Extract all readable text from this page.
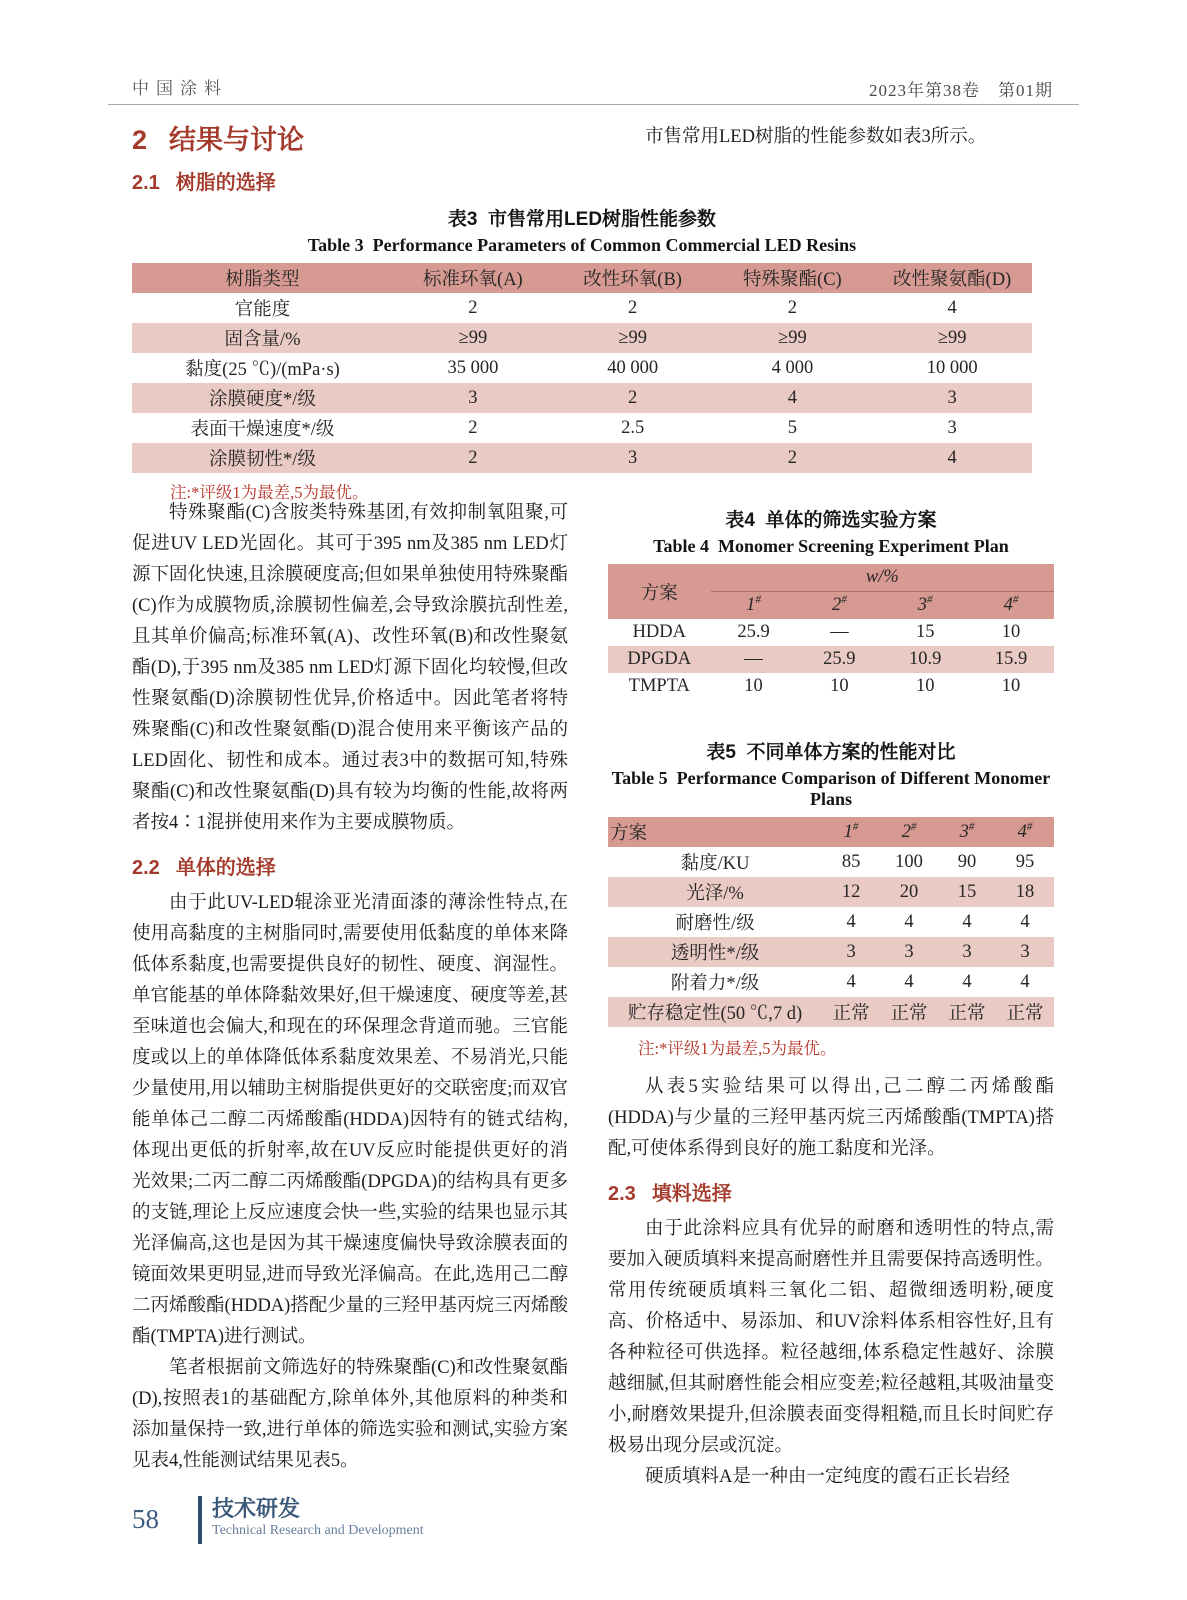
中国涂料	2023年第38卷　第01期
2 结果与讨论
2.1 树脂的选择

市售常用LED树脂的性能参数如表3所示。

表3  市售常用LED树脂性能参数
Table 3  Performance Parameters of Common Commercial LED Resins
树脂类型	标准环氧(A)	改性环氧(B)	特殊聚酯(C)	改性聚氨酯(D)
官能度	2	2	2	4
固含量/%	≥99	≥99	≥99	≥99
黏度(25 ℃)/(mPa·s)	35 000	40 000	4 000	10 000
涂膜硬度*/级	3	2	4	3
表面干燥速度*/级	2	2.5	5	3
涂膜韧性*/级	2	3	2	4
注:*评级1为最差,5为最优。

特殊聚酯(C)含胺类特殊基团,有效抑制氧阻聚,可促进UV LED光固化。其可于395 nm及385 nm LED灯源下固化快速,且涂膜硬度高;但如果单独使用特殊聚酯(C)作为成膜物质,涂膜韧性偏差,会导致涂膜抗刮性差,且其单价偏高;标准环氧(A)、改性环氧(B)和改性聚氨酯(D),于395 nm及385 nm LED灯源下固化均较慢,但改性聚氨酯(D)涂膜韧性优异,价格适中。因此笔者将特殊聚酯(C)和改性聚氨酯(D)混合使用来平衡该产品的LED固化、韧性和成本。通过表3中的数据可知,特殊聚酯(C)和改性聚氨酯(D)具有较为均衡的性能,故将两者按4∶1混拼使用来作为主要成膜物质。

2.2 单体的选择

由于此UV-LED辊涂亚光清面漆的薄涂性特点,在使用高黏度的主树脂同时,需要使用低黏度的单体来降低体系黏度,也需要提供良好的韧性、硬度、润湿性。单官能基的单体降黏效果好,但干燥速度、硬度等差,甚至味道也会偏大,和现在的环保理念背道而驰。三官能度或以上的单体降低体系黏度效果差、不易消光,只能少量使用,用以辅助主树脂提供更好的交联密度;而双官能单体己二醇二丙烯酸酯(HDDA)因特有的链式结构,体现出更低的折射率,故在UV反应时能提供更好的消光效果;二丙二醇二丙烯酸酯(DPGDA)的结构具有更多的支链,理论上反应速度会快一些,实验的结果也显示其光泽偏高,这也是因为其干燥速度偏快导致涂膜表面的镜面效果更明显,进而导致光泽偏高。在此,选用己二醇二丙烯酸酯(HDDA)搭配少量的三羟甲基丙烷三丙烯酸酯(TMPTA)进行测试。

笔者根据前文筛选好的特殊聚酯(C)和改性聚氨酯(D),按照表1的基础配方,除单体外,其他原料的种类和添加量保持一致,进行单体的筛选实验和测试,实验方案见表4,性能测试结果见表5。

表4  单体的筛选实验方案
Table 4  Monomer Screening Experiment Plan
方案	w/%			
	1#	2#	3#	4#
HDDA	25.9	—	15	10
DPGDA	—	25.9	10.9	15.9
TMPTA	10	10	10	10
表5  不同单体方案的性能对比
Table 5  Performance Comparison of Different Monomer Plans
方案	1#	2#	3#	4#
黏度/KU	85	100	90	95
光泽/%	12	20	15	18
耐磨性/级	4	4	4	4
透明性*/级	3	3	3	3
附着力*/级	4	4	4	4
贮存稳定性(50 ℃,7 d)	正常	正常	正常	正常
注:*评级1为最差,5为最优。

从表5实验结果可以得出,己二醇二丙烯酸酯(HDDA)与少量的三羟甲基丙烷三丙烯酸酯(TMPTA)搭配,可使体系得到良好的施工黏度和光泽。

2.3 填料选择

由于此涂料应具有优异的耐磨和透明性的特点,需要加入硬质填料来提高耐磨性并且需要保持高透明性。常用传统硬质填料三氧化二铝、超微细透明粉,硬度高、价格适中、易添加、和UV涂料体系相容性好,且有各种粒径可供选择。粒径越细,体系稳定性越好、涂膜越细腻,但其耐磨性能会相应变差;粒径越粗,其吸油量变小,耐磨效果提升,但涂膜表面变得粗糙,而且长时间贮存极易出现分层或沉淀。

硬质填料A是一种由一定纯度的霞石正长岩经

58 技术研发
Technical Research and Development
